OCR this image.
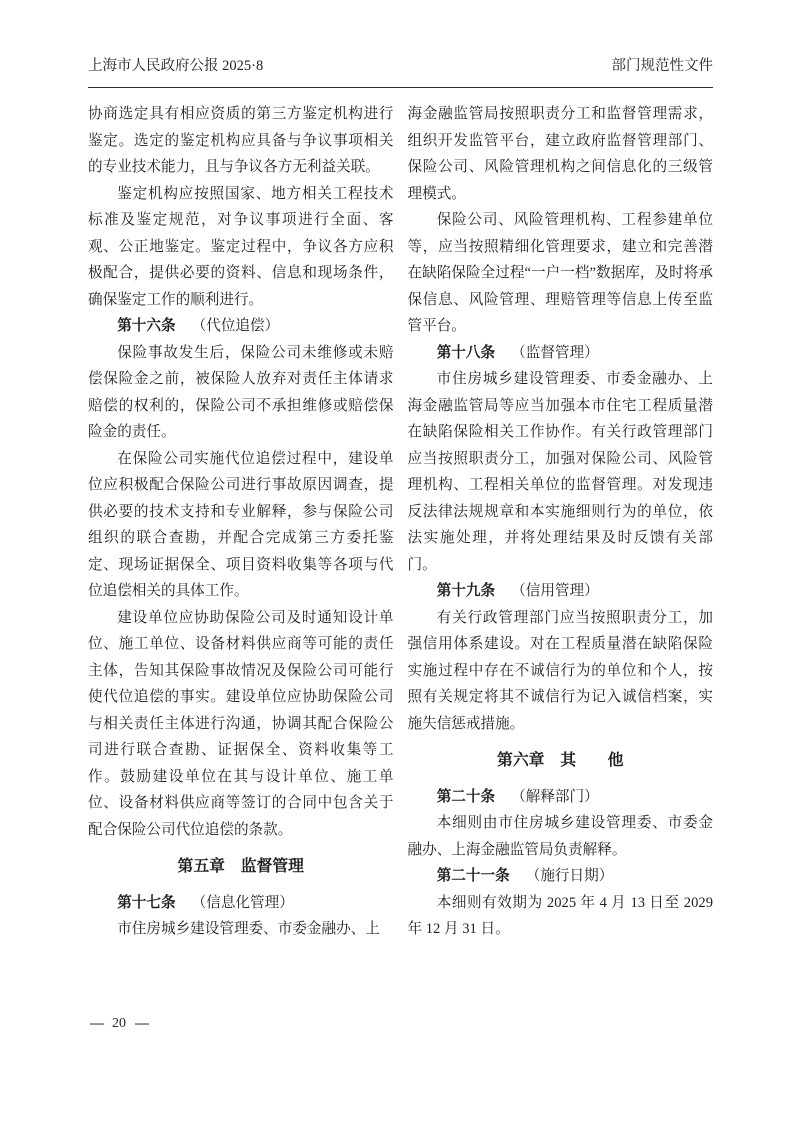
上海市人民政府公报 2025·8	部门规范性文件

协商选定具有相应资质的第三方鉴定机构进行鉴定。选定的鉴定机构应具备与争议事项相关的专业技术能力，且与争议各方无利益关联。

鉴定机构应按照国家、地方相关工程技术标准及鉴定规范，对争议事项进行全面、客观、公正地鉴定。鉴定过程中，争议各方应积极配合，提供必要的资料、信息和现场条件，确保鉴定工作的顺利进行。

第十六条 （代位追偿）

保险事故发生后，保险公司未维修或未赔偿保险金之前，被保险人放弃对责任主体请求赔偿的权利的，保险公司不承担维修或赔偿保险金的责任。

在保险公司实施代位追偿过程中，建设单位应积极配合保险公司进行事故原因调查，提供必要的技术支持和专业解释，参与保险公司组织的联合查勘，并配合完成第三方委托鉴定、现场证据保全、项目资料收集等各项与代位追偿相关的具体工作。

建设单位应协助保险公司及时通知设计单位、施工单位、设备材料供应商等可能的责任主体，告知其保险事故情况及保险公司可能行使代位追偿的事实。建设单位应协助保险公司与相关责任主体进行沟通，协调其配合保险公司进行联合查勘、证据保全、资料收集等工作。鼓励建设单位在其与设计单位、施工单位、设备材料供应商等签订的合同中包含关于配合保险公司代位追偿的条款。

第五章　监督管理

第十七条 （信息化管理）

市住房城乡建设管理委、市委金融办、上

海金融监管局按照职责分工和监督管理需求，组织开发监管平台，建立政府监督管理部门、保险公司、风险管理机构之间信息化的三级管理模式。

保险公司、风险管理机构、工程参建单位等，应当按照精细化管理要求，建立和完善潜在缺陷保险全过程“一户一档”数据库，及时将承保信息、风险管理、理赔管理等信息上传至监管平台。

第十八条 （监督管理）

市住房城乡建设管理委、市委金融办、上海金融监管局等应当加强本市住宅工程质量潜在缺陷保险相关工作协作。有关行政管理部门应当按照职责分工，加强对保险公司、风险管理机构、工程相关单位的监督管理。对发现违反法律法规规章和本实施细则行为的单位，依法实施处理，并将处理结果及时反馈有关部门。

第十九条 （信用管理）

有关行政管理部门应当按照职责分工，加强信用体系建设。对在工程质量潜在缺陷保险实施过程中存在不诚信行为的单位和个人，按照有关规定将其不诚信行为记入诚信档案，实施失信惩戒措施。

第六章　其　　他

第二十条 （解释部门）

本细则由市住房城乡建设管理委、市委金融办、上海金融监管局负责解释。

第二十一条 （施行日期）

本细则有效期为 2025 年 4 月 13 日至 2029 年 12 月 31 日。

— 20 —
